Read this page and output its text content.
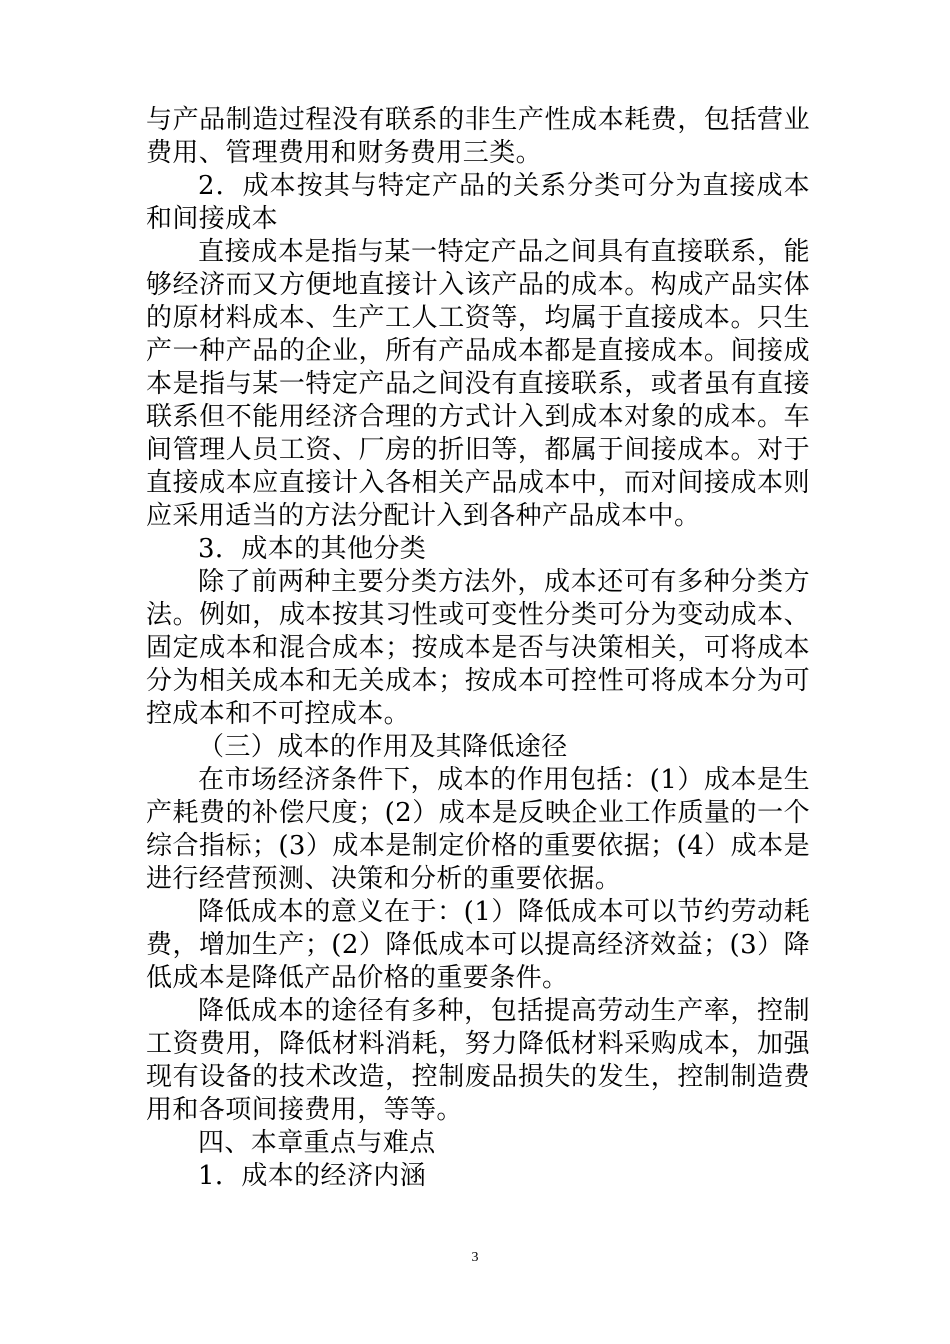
与产品制造过程没有联系的非生产性成本耗费，包括营业费用、管理费用和财务费用三类。

2．成本按其与特定产品的关系分类可分为直接成本和间接成本

直接成本是指与某一特定产品之间具有直接联系，能够经济而又方便地直接计入该产品的成本。构成产品实体的原材料成本、生产工人工资等，均属于直接成本。只生产一种产品的企业，所有产品成本都是直接成本。间接成本是指与某一特定产品之间没有直接联系，或者虽有直接联系但不能用经济合理的方式计入到成本对象的成本。车间管理人员工资、厂房的折旧等，都属于间接成本。对于直接成本应直接计入各相关产品成本中，而对间接成本则应采用适当的方法分配计入到各种产品成本中。

3．成本的其他分类

除了前两种主要分类方法外，成本还可有多种分类方法。例如，成本按其习性或可变性分类可分为变动成本、固定成本和混合成本；按成本是否与决策相关，可将成本分为相关成本和无关成本；按成本可控性可将成本分为可控成本和不可控成本。

（三）成本的作用及其降低途径

在市场经济条件下，成本的作用包括：(1）成本是生产耗费的补偿尺度；(2）成本是反映企业工作质量的一个综合指标；(3）成本是制定价格的重要依据；(4）成本是进行经营预测、决策和分析的重要依据。

降低成本的意义在于：(1）降低成本可以节约劳动耗费，增加生产；(2）降低成本可以提高经济效益；(3）降低成本是降低产品价格的重要条件。

降低成本的途径有多种，包括提高劳动生产率，控制工资费用，降低材料消耗，努力降低材料采购成本，加强现有设备的技术改造，控制废品损失的发生，控制制造费用和各项间接费用，等等。

四、本章重点与难点

1．成本的经济内涵

3
